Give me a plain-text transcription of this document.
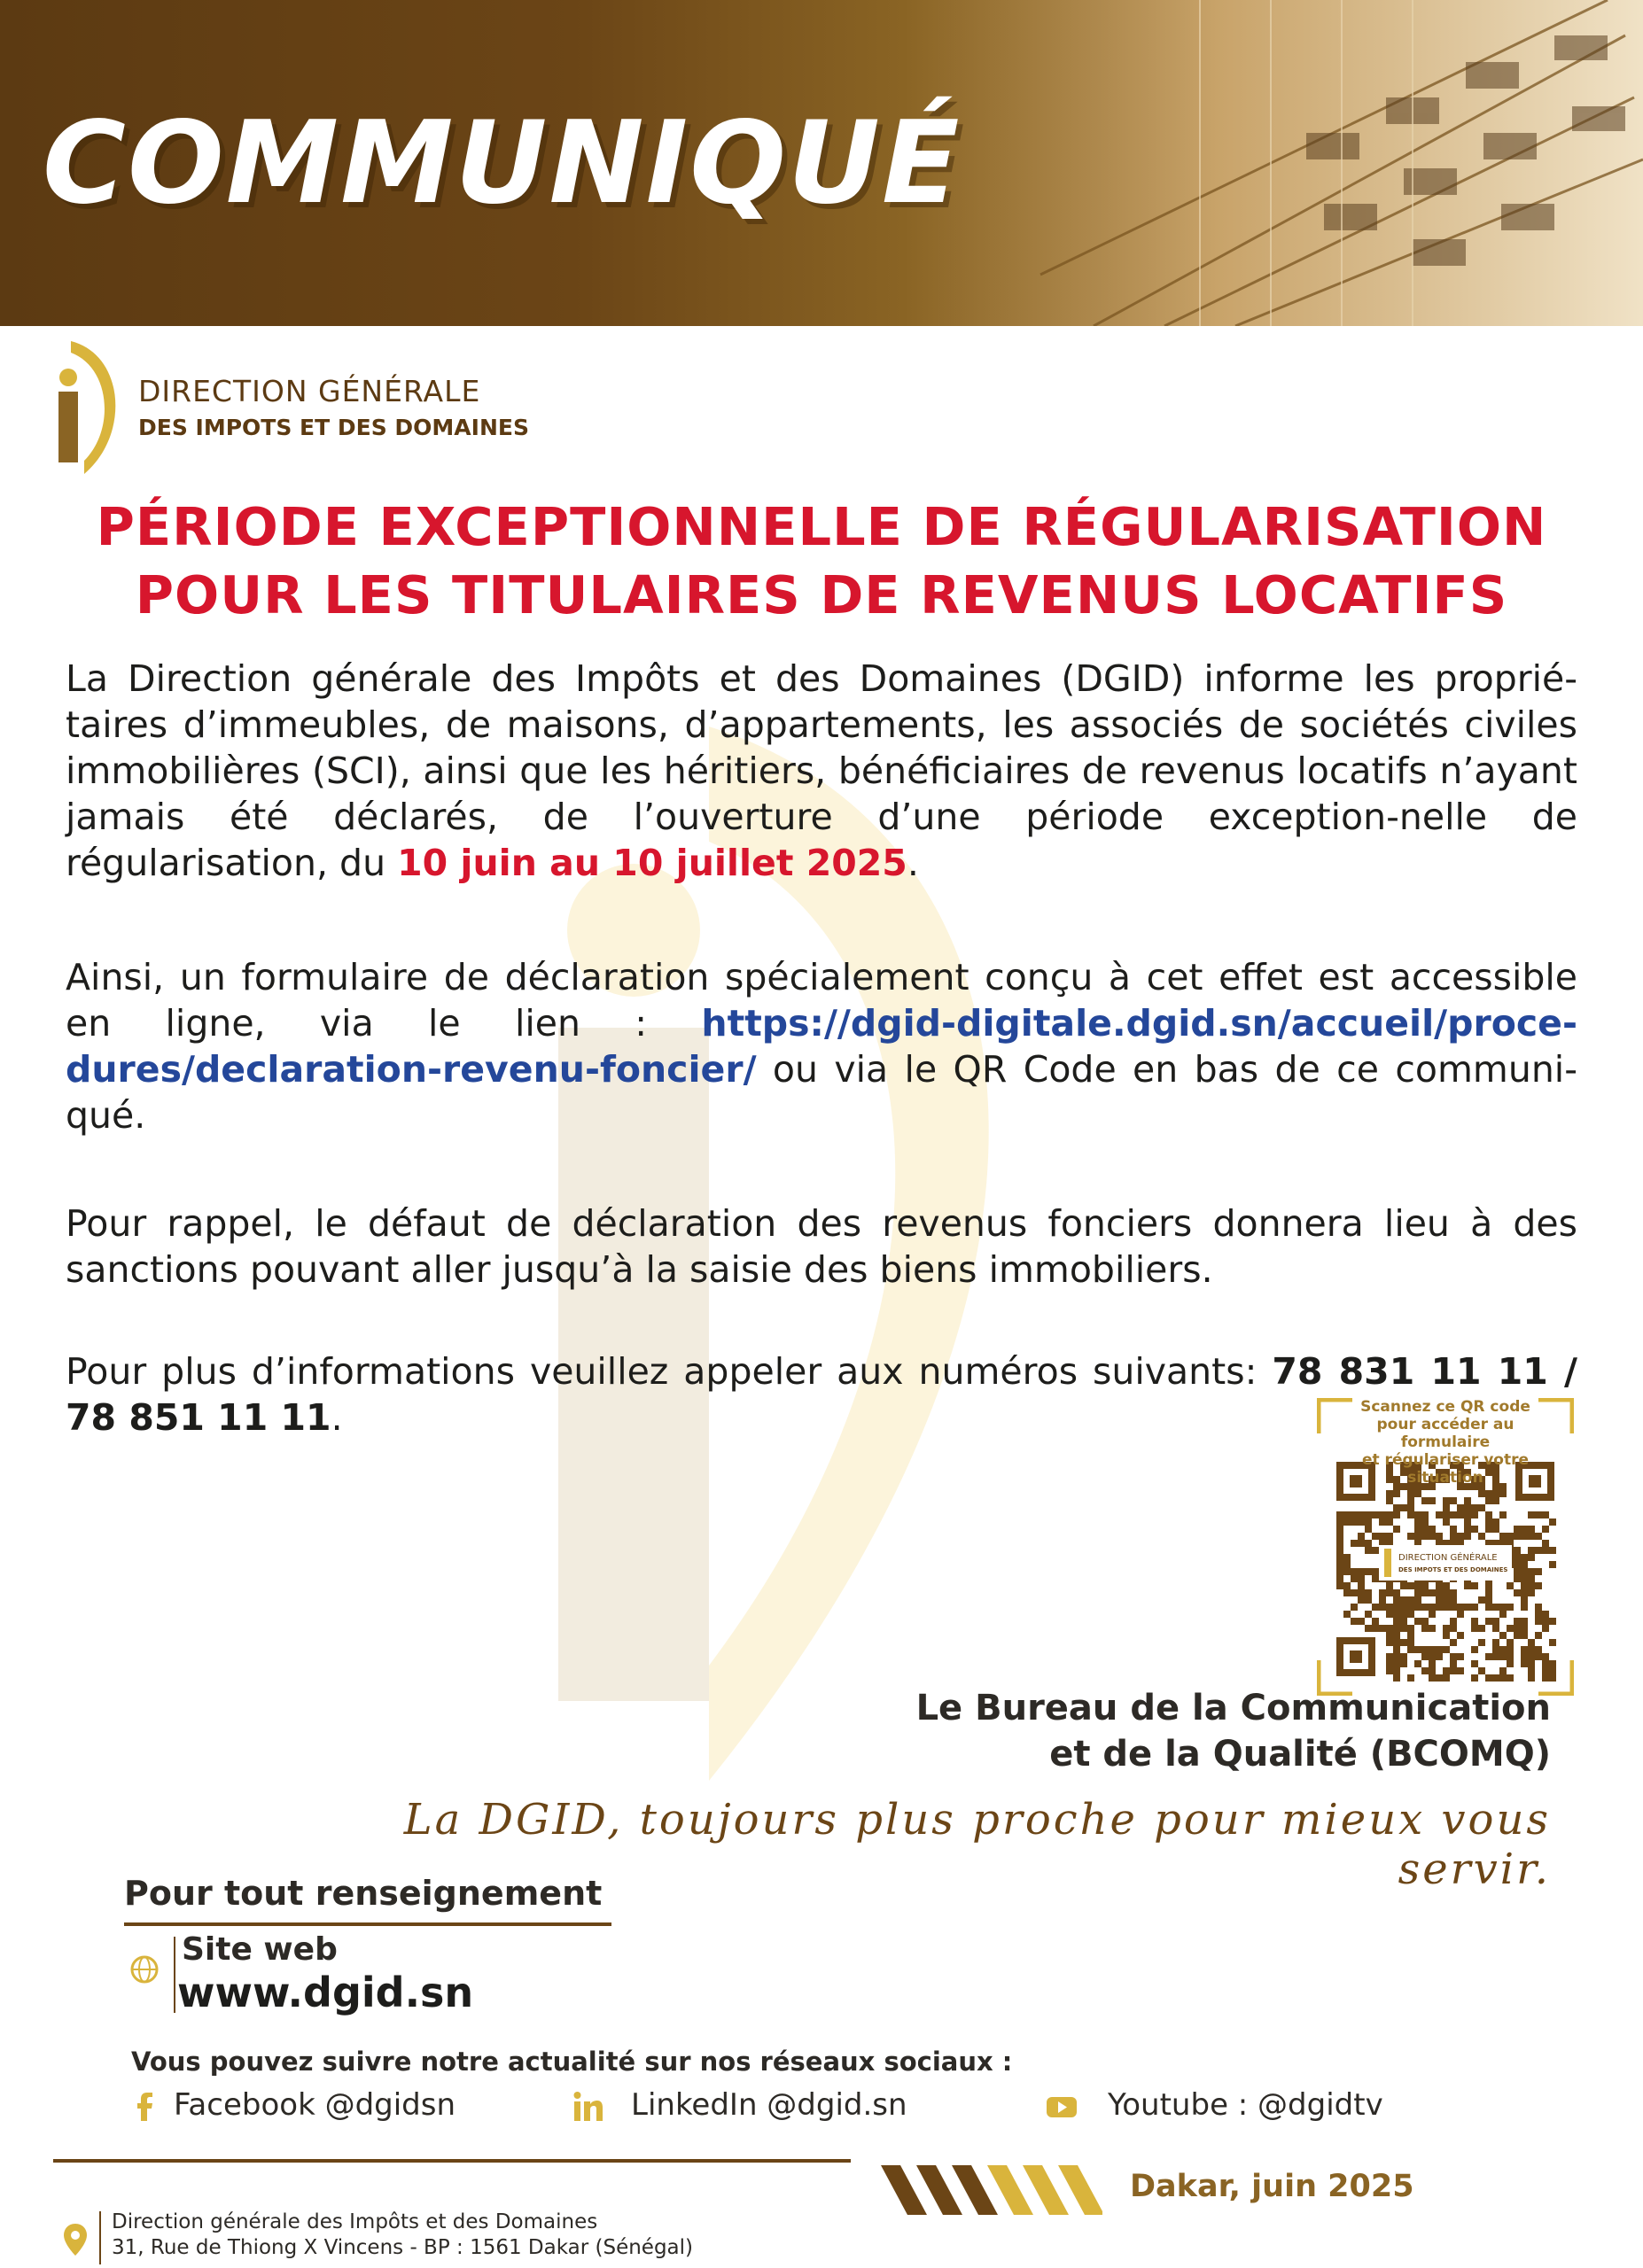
COMMUNIQUÉ
DIRECTION GÉNÉRALE
DES IMPOTS ET DES DOMAINES
PÉRIODE EXCEPTIONNELLE DE RÉGULARISATION
POUR LES TITULAIRES DE REVENUS LOCATIFS
La Direction générale des Impôts et des Domaines (DGID) informe les proprié-taires d’immeubles, de maisons, d’appartements, les associés de sociétés civiles immobilières (SCI), ainsi que les héritiers, bénéficiaires de revenus locatifs n’ayant jamais été déclarés, de l’ouverture d’une période exception-nelle de régularisation, du 10 juin au 10 juillet 2025.
Ainsi, un formulaire de déclaration spécialement conçu à cet effet est accessible en ligne, via le lien : https://dgid-digitale.dgid.sn/accueil/proce-dures/declaration-revenu-foncier/ ou via le QR Code en bas de ce communi-qué.
Pour rappel, le défaut de déclaration des revenus fonciers donnera lieu à des sanctions pouvant aller jusqu’à la saisie des biens immobiliers.
Pour plus d’informations veuillez appeler aux numéros suivants: 78 831 11 11 / 78 851 11 11.
DIRECTION GÉNÉRALE
DES IMPOTS ET DES DOMAINES
Scannez ce QR code
pour accéder au formulaire
et régulariser votre situation
Le Bureau de la Communication
et de la Qualité (BCOMQ)
La DGID, toujours plus proche pour mieux vous servir.
Pour tout renseignement
Site web
www.dgid.sn
Vous pouvez suivre notre actualité sur nos réseaux sociaux :
Facebook @dgidsn	LinkedIn @dgid.sn	Youtube : @dgidtv
Dakar, juin 2025
Direction générale des Impôts et des Domaines
31, Rue de Thiong X Vincens - BP : 1561 Dakar (Sénégal)
